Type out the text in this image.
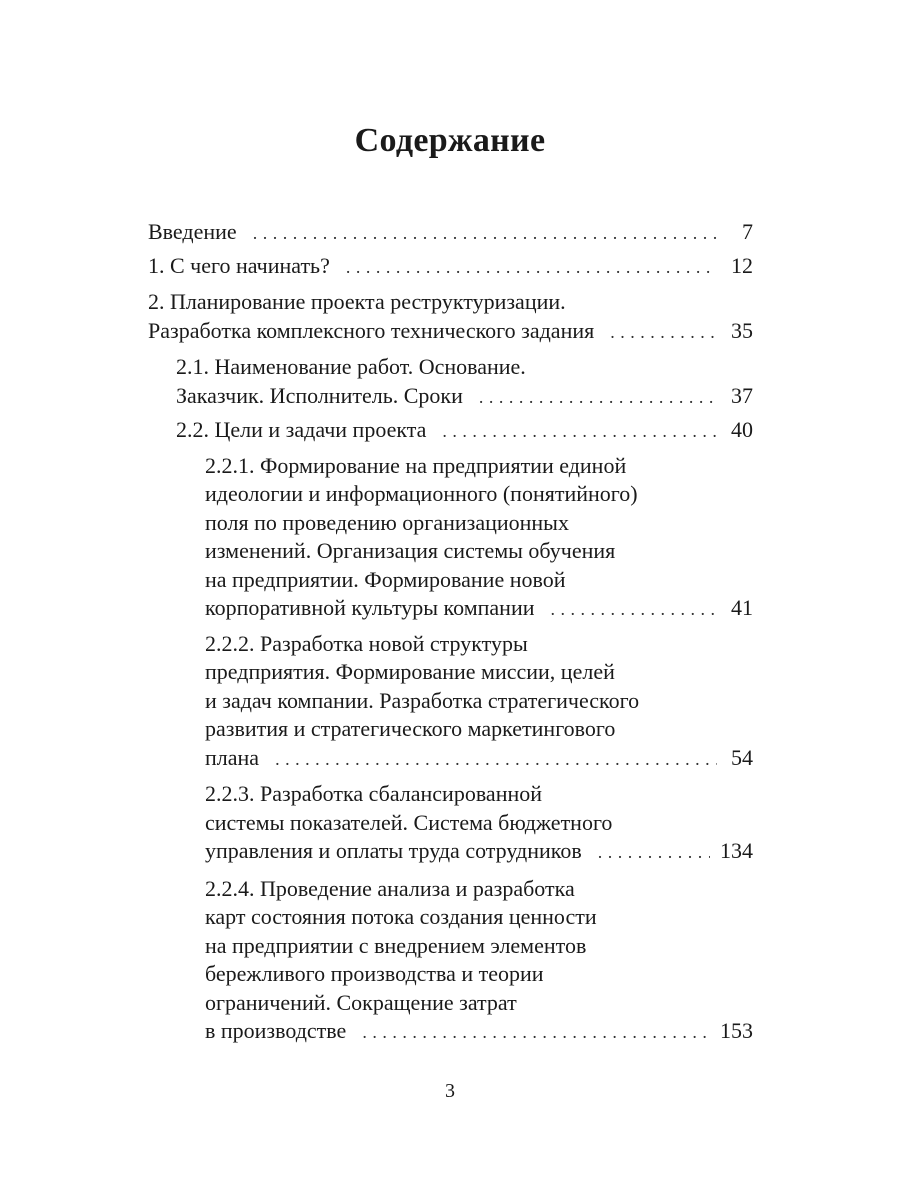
Содержание
Введение . . .	7
1. С чего начинать? . . .	12
2. Планирование проекта реструктуризации.
Разработка комплексного технического задания . . .	35
2.1. Наименование работ. Основание.
Заказчик. Исполнитель. Сроки . . .	37
2.2. Цели и задачи проекта . . .	40
2.2.1. Формирование на предприятии единой
идеологии и информационного (понятийного)
поля по проведению организационных
изменений. Организация системы обучения
на предприятии. Формирование новой
корпоративной культуры компании . . .	41
2.2.2. Разработка новой структуры
предприятия. Формирование миссии, целей
и задач компании. Разработка стратегического
развития и стратегического маркетингового
плана . . .	54
2.2.3. Разработка сбалансированной
системы показателей. Система бюджетного
управления и оплаты труда сотрудников . . .	134
2.2.4. Проведение анализа и разработка
карт состояния потока создания ценности
на предприятии с внедрением элементов
бережливого производства и теории
ограничений. Сокращение затрат
в производстве . . .	153
3
